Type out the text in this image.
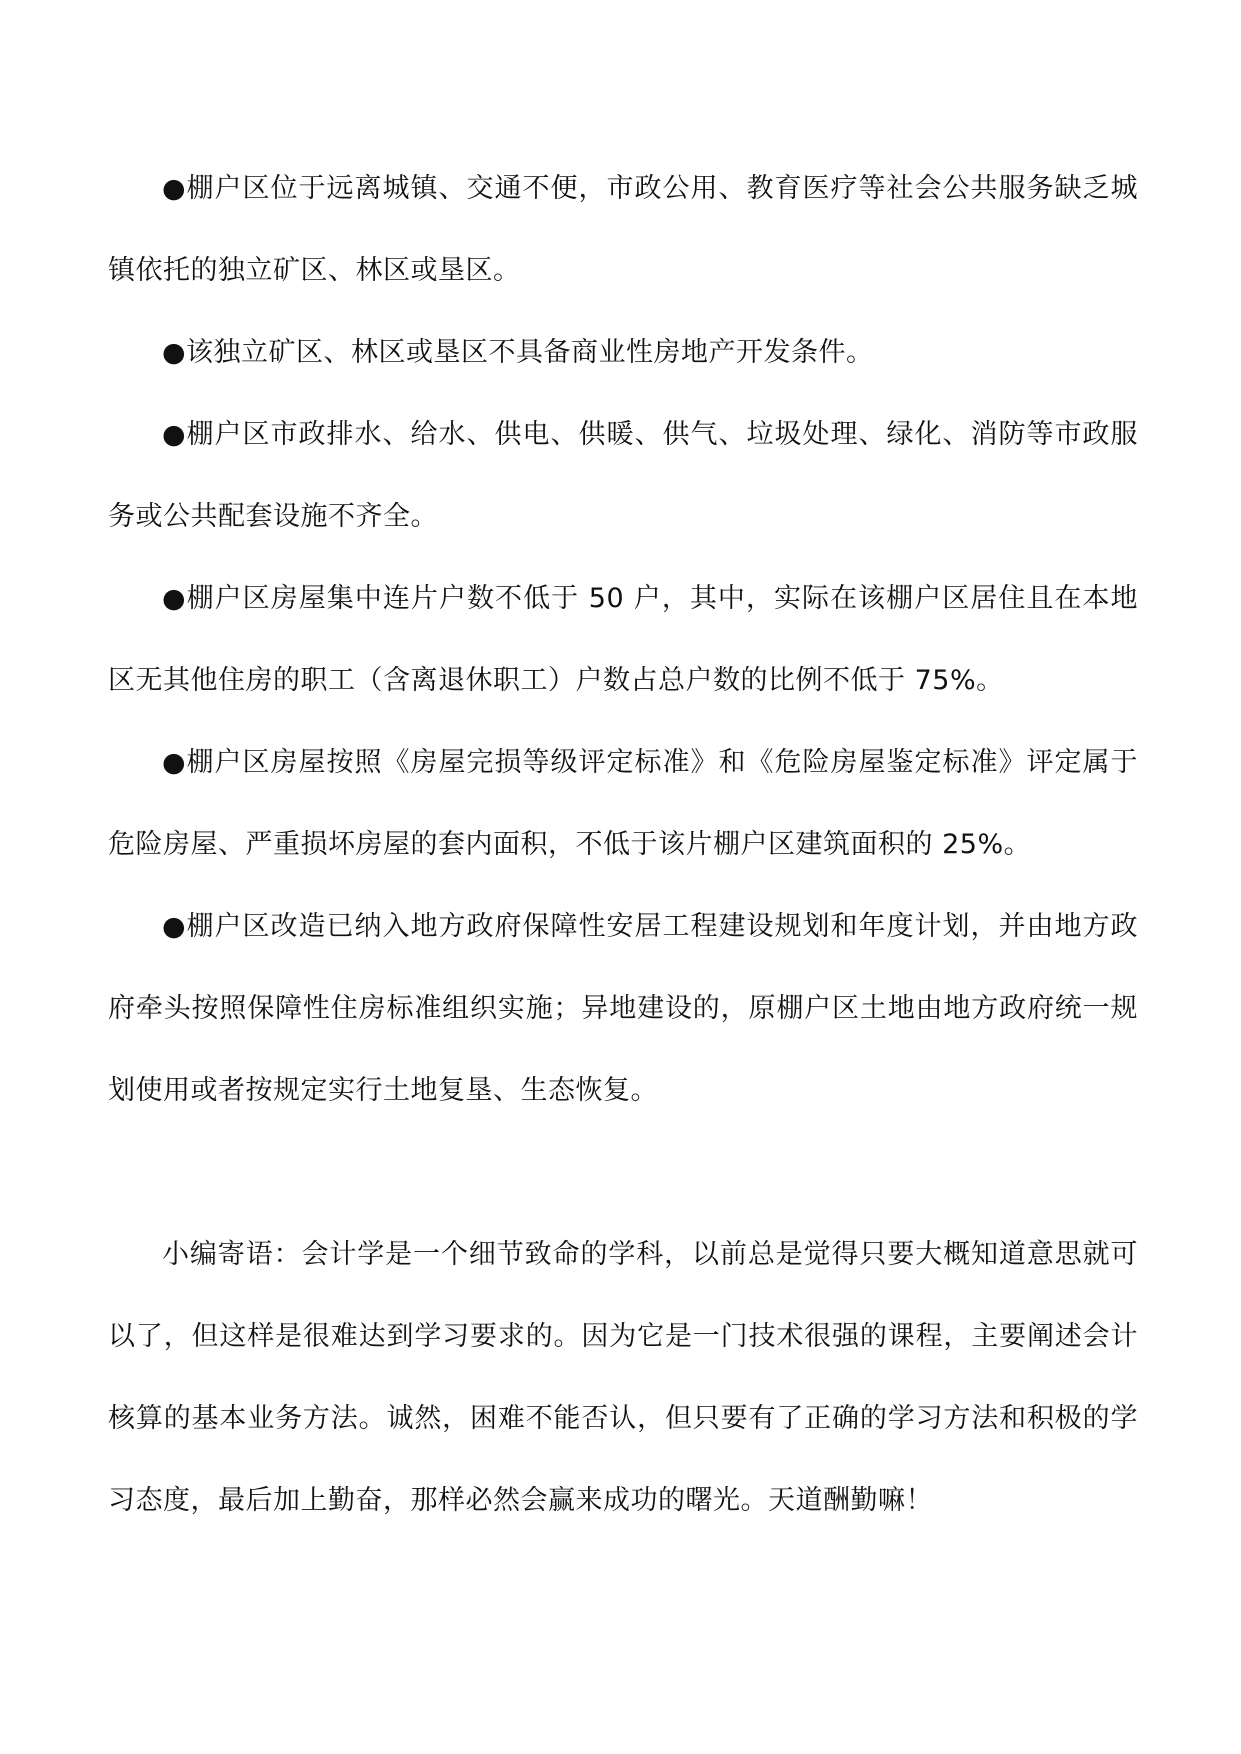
●棚户区位于远离城镇、交通不便，市政公用、教育医疗等社会公共服务缺乏城镇依托的独立矿区、林区或垦区。

●该独立矿区、林区或垦区不具备商业性房地产开发条件。

●棚户区市政排水、给水、供电、供暖、供气、垃圾处理、绿化、消防等市政服务或公共配套设施不齐全。

●棚户区房屋集中连片户数不低于 50 户，其中，实际在该棚户区居住且在本地区无其他住房的职工（含离退休职工）户数占总户数的比例不低于 75%。

●棚户区房屋按照《房屋完损等级评定标准》和《危险房屋鉴定标准》评定属于危险房屋、严重损坏房屋的套内面积，不低于该片棚户区建筑面积的 25%。

●棚户区改造已纳入地方政府保障性安居工程建设规划和年度计划，并由地方政府牵头按照保障性住房标准组织实施；异地建设的，原棚户区土地由地方政府统一规划使用或者按规定实行土地复垦、生态恢复。

小编寄语：会计学是一个细节致命的学科，以前总是觉得只要大概知道意思就可以了，但这样是很难达到学习要求的。因为它是一门技术很强的课程，主要阐述会计核算的基本业务方法。诚然，困难不能否认，但只要有了正确的学习方法和积极的学习态度，最后加上勤奋，那样必然会赢来成功的曙光。天道酬勤嘛！
